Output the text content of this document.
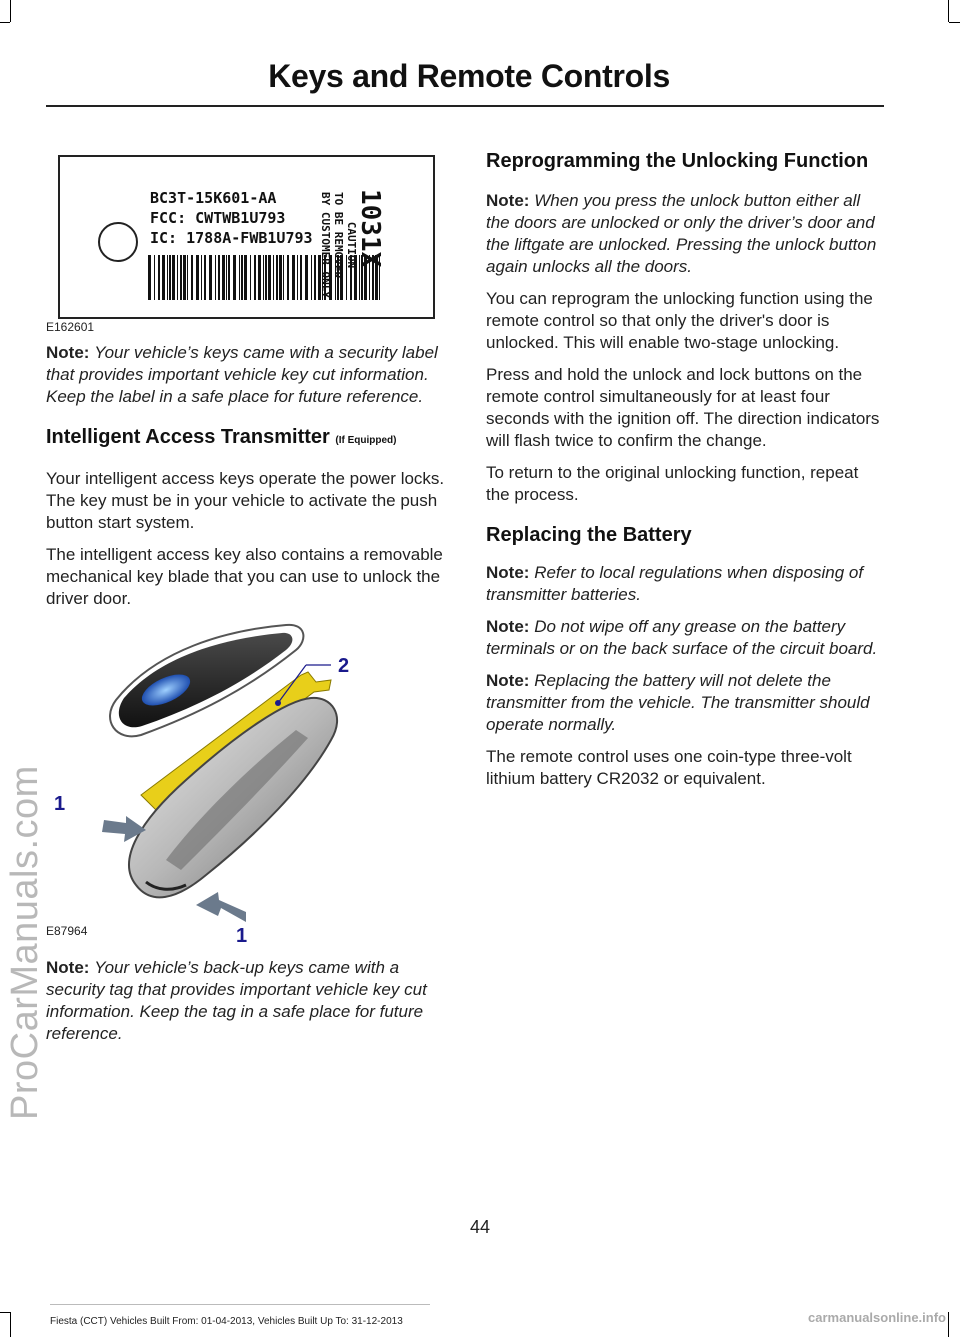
Keys and Remote Controls
ProCarManuals.com
BC3T-15K601-AA
FCC: CWTWB1U793
IC: 1788A-FWB1U793 1031X
CAUTION
TO BE REMOVED
BY CUSTOMER ONLY
E162601

Note: Your vehicle’s keys came with a security label that provides important vehicle key cut information. Keep the label in a safe place for future reference.

Intelligent Access Transmitter (If Equipped)

Your intelligent access keys operate the power locks. The key must be in your vehicle to activate the push button start system.

The intelligent access key also contains a removable mechanical key blade that you can use to unlock the driver door.

2
1
1
E87964

Note: Your vehicle’s back-up keys came with a security tag that provides important vehicle key cut information. Keep the tag in a safe place for future reference.

Reprogramming the Unlocking Function

Note: When you press the unlock button either all the doors are unlocked or only the driver’s door and the liftgate are unlocked. Pressing the unlock button again unlocks all the doors.

You can reprogram the unlocking function using the remote control so that only the driver's door is unlocked. This will enable two-stage unlocking.

Press and hold the unlock and lock buttons on the remote control simultaneously for at least four seconds with the ignition off. The direction indicators will flash twice to confirm the change.

To return to the original unlocking function, repeat the process.

Replacing the Battery

Note: Refer to local regulations when disposing of transmitter batteries.

Note: Do not wipe off any grease on the battery terminals or on the back surface of the circuit board.

Note: Replacing the battery will not delete the transmitter from the vehicle. The transmitter should operate normally.

The remote control uses one coin-type three-volt lithium battery CR2032 or equivalent.

44
Fiesta (CCT) Vehicles Built From: 01-04-2013, Vehicles Built Up To: 31-12-2013	carmanualsonline.info
